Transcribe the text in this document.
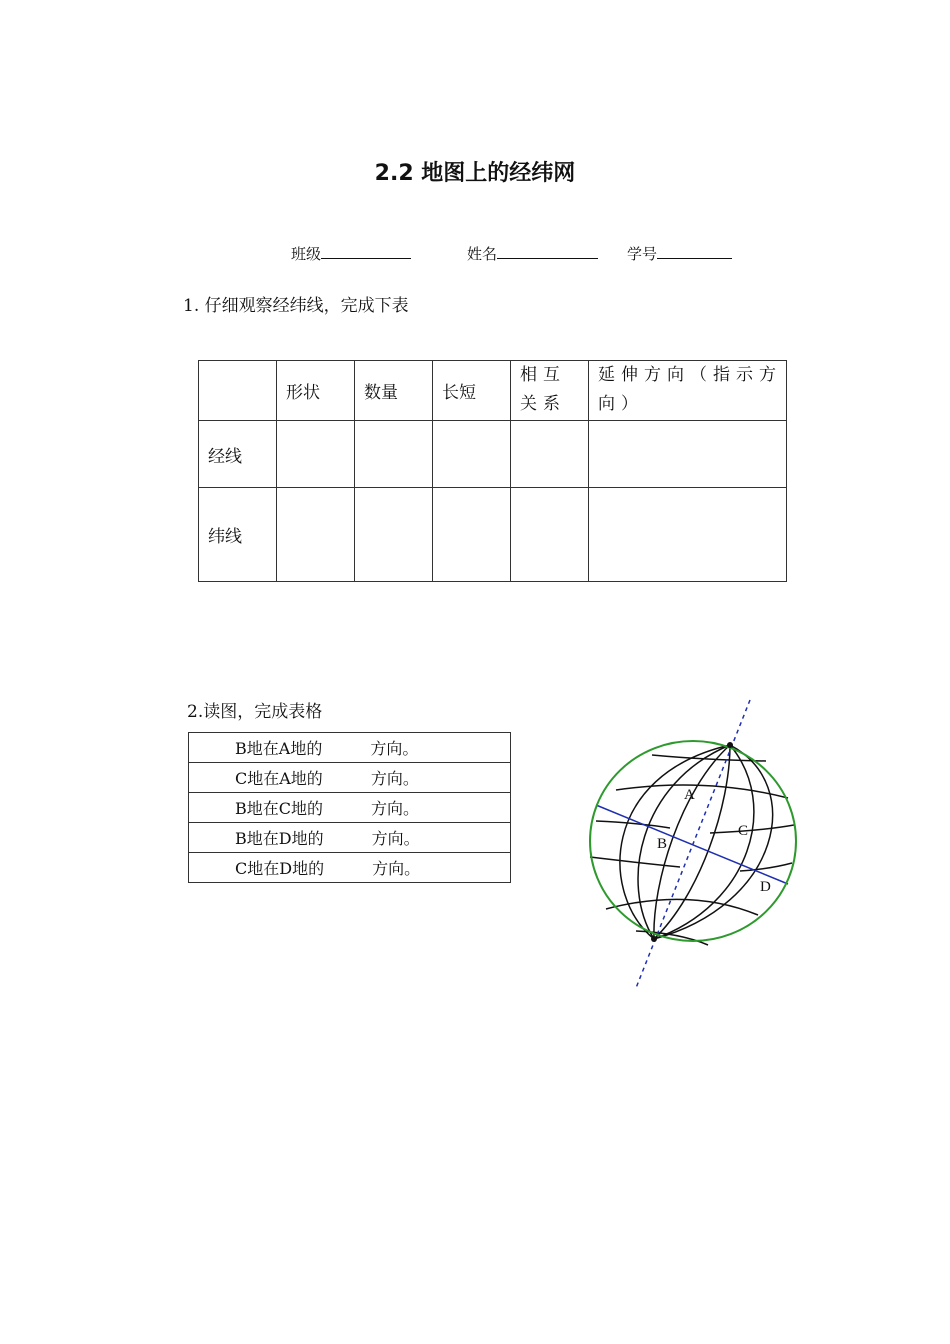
2.2 地图上的经纬网
班级	姓名	学号
1. 仔细观察经纬线，完成下表
	形状	数量	长短	相互关系	延伸方向（指示方向）
经线					
纬线					
2.读图，完成表格
B地在A地的	方向。
C地在A地的	方向。
B地在C地的	方向。
B地在D地的	方向。
C地在D地的	方向。
A
B
C
D
